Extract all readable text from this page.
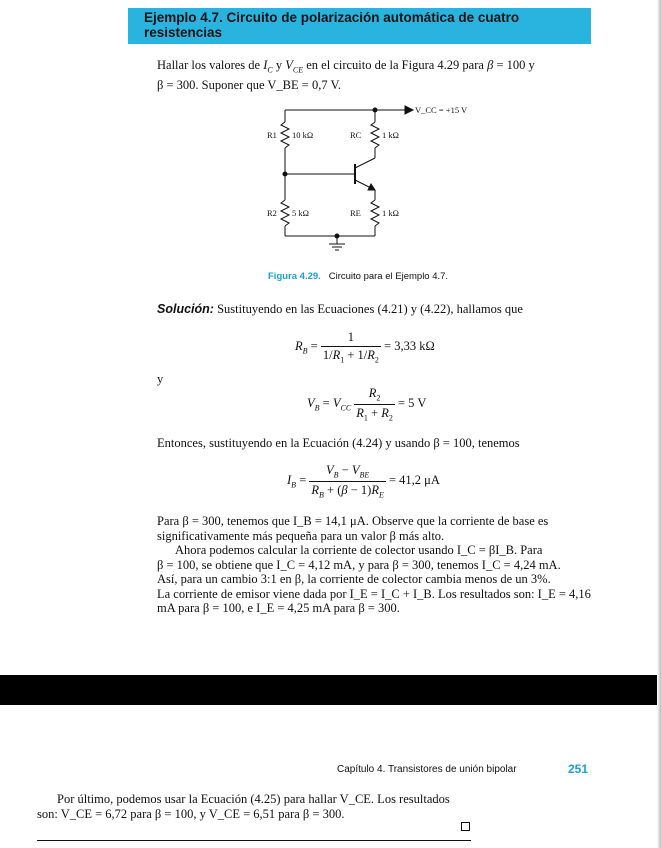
Ejemplo 4.7. Circuito de polarización automática de cuatro
resistencias
Hallar los valores de $I_C$ y $V_{CE}$ en el circuito de la Figura 4.29 para β = 100 y
β = 300. Suponer que V_BE = 0,7 V.
V_CC = +15 V
R1 10 kΩ	RC 1 kΩ
R2 5 kΩ	RE 1 kΩ
Figura 4.29. Circuito para el Ejemplo 4.7.
Solución: Sustituyendo en las Ecuaciones (4.21) y (4.22), hallamos que
$R_B = \frac{1}{1/R_1 + 1/R_2} = 3,33$ kΩ
y
$V_B = V_{CC} \frac{R_2}{R_1 + R_2} = 5$ V
Entonces, sustituyendo en la Ecuación (4.24) y usando β = 100, tenemos
$I_B = \frac{V_B - V_{BE}}{R_B + (\beta - 1)R_E} = 41,2$ μA
Para β = 300, tenemos que I_B = 14,1 μA. Observe que la corriente de base es
significativamente más pequeña para un valor β más alto.
Ahora podemos calcular la corriente de colector usando I_C = βI_B. Para
β = 100, se obtiene que I_C = 4,12 mA, y para β = 300, tenemos I_C = 4,24 mA.
Así, para un cambio 3:1 en β, la corriente de colector cambia menos de un 3%.
La corriente de emisor viene dada por I_E = I_C + I_B. Los resultados son: I_E = 4,16
mA para β = 100, e I_E = 4,25 mA para β = 300.
Capítulo 4. Transistores de unión bipolar	251
Por último, podemos usar la Ecuación (4.25) para hallar V_CE. Los resultados
son: V_CE = 6,72 para β = 100, y V_CE = 6,51 para β = 300.
